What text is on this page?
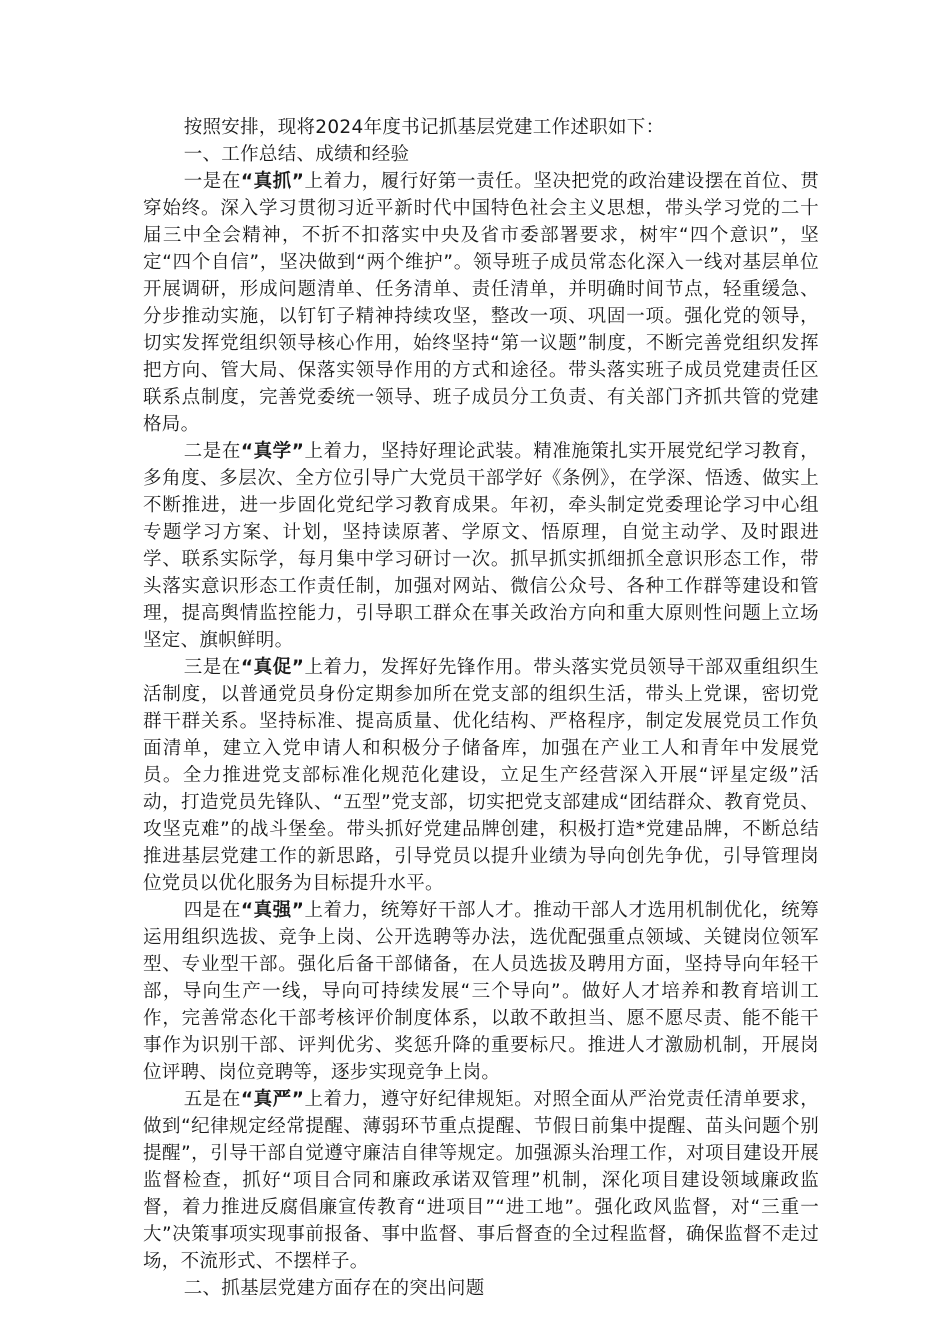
按照安排，现将2024年度书记抓基层党建工作述职如下：

一、工作总结、成绩和经验

一是在“真抓”上着力，履行好第一责任。坚决把党的政治建设摆在首位、贯穿始终。深入学习贯彻习近平新时代中国特色社会主义思想，带头学习党的二十届三中全会精神，不折不扣落实中央及省市委部署要求，树牢“四个意识”，坚定“四个自信”，坚决做到“两个维护”。领导班子成员常态化深入一线对基层单位开展调研，形成问题清单、任务清单、责任清单，并明确时间节点，轻重缓急、分步推动实施，以钉钉子精神持续攻坚，整改一项、巩固一项。强化党的领导，切实发挥党组织领导核心作用，始终坚持“第一议题”制度，不断完善党组织发挥把方向、管大局、保落实领导作用的方式和途径。带头落实班子成员党建责任区联系点制度，完善党委统一领导、班子成员分工负责、有关部门齐抓共管的党建格局。

二是在“真学”上着力，坚持好理论武装。精准施策扎实开展党纪学习教育，多角度、多层次、全方位引导广大党员干部学好《条例》，在学深、悟透、做实上不断推进，进一步固化党纪学习教育成果。年初，牵头制定党委理论学习中心组专题学习方案、计划，坚持读原著、学原文、悟原理，自觉主动学、及时跟进学、联系实际学，每月集中学习研讨一次。抓早抓实抓细抓全意识形态工作，带头落实意识形态工作责任制，加强对网站、微信公众号、各种工作群等建设和管理，提高舆情监控能力，引导职工群众在事关政治方向和重大原则性问题上立场坚定、旗帜鲜明。

三是在“真促”上着力，发挥好先锋作用。带头落实党员领导干部双重组织生活制度，以普通党员身份定期参加所在党支部的组织生活，带头上党课，密切党群干群关系。坚持标准、提高质量、优化结构、严格程序，制定发展党员工作负面清单，建立入党申请人和积极分子储备库，加强在产业工人和青年中发展党员。全力推进党支部标准化规范化建设，立足生产经营深入开展“评星定级”活动，打造党员先锋队、“五型”党支部，切实把党支部建成“团结群众、教育党员、攻坚克难”的战斗堡垒。带头抓好党建品牌创建，积极打造*党建品牌，不断总结推进基层党建工作的新思路，引导党员以提升业绩为导向创先争优，引导管理岗位党员以优化服务为目标提升水平。

四是在“真强”上着力，统筹好干部人才。推动干部人才选用机制优化，统筹运用组织选拔、竞争上岗、公开选聘等办法，选优配强重点领域、关键岗位领军型、专业型干部。强化后备干部储备，在人员选拔及聘用方面，坚持导向年轻干部，导向生产一线，导向可持续发展“三个导向”。做好人才培养和教育培训工作，完善常态化干部考核评价制度体系，以敢不敢担当、愿不愿尽责、能不能干事作为识别干部、评判优劣、奖惩升降的重要标尺。推进人才激励机制，开展岗位评聘、岗位竞聘等，逐步实现竞争上岗。

五是在“真严”上着力，遵守好纪律规矩。对照全面从严治党责任清单要求，做到“纪律规定经常提醒、薄弱环节重点提醒、节假日前集中提醒、苗头问题个别提醒”，引导干部自觉遵守廉洁自律等规定。加强源头治理工作，对项目建设开展监督检查，抓好“项目合同和廉政承诺双管理”机制，深化项目建设领域廉政监督，着力推进反腐倡廉宣传教育“进项目”“进工地”。强化政风监督，对“三重一大”决策事项实现事前报备、事中监督、事后督查的全过程监督，确保监督不走过场，不流形式、不摆样子。

二、抓基层党建方面存在的突出问题
